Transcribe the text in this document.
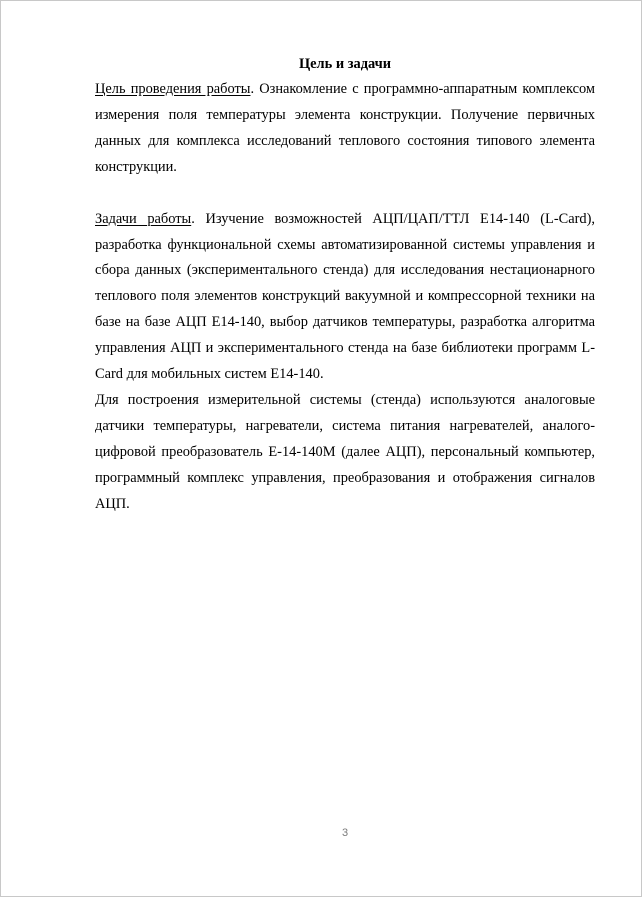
Цель и задачи

Цель проведения работы. Ознакомление с программно-аппаратным комплексом измерения поля температуры элемента конструкции. Получение первичных данных для комплекса исследований теплового состояния типового элемента конструкции.

Задачи работы. Изучение возможностей АЦП/ЦАП/ТТЛ E14-140 (L-Card), разработка функциональной схемы автоматизированной системы управления и сбора данных (экспериментального стенда) для исследования нестационарного теплового поля элементов конструкций вакуумной и компрессорной техники на базе на базе АЦП E14-140, выбор датчиков температуры, разработка алгоритма управления АЦП и экспериментального стенда на базе библиотеки программ L-Card для мобильных систем E14-140.

Для построения измерительной системы (стенда) используются аналоговые датчики температуры, нагреватели, система питания нагревателей, аналого-цифровой преобразователь Е-14-140М (далее АЦП), персональный компьютер, программный комплекс управления, преобразования и отображения сигналов АЦП.

3
